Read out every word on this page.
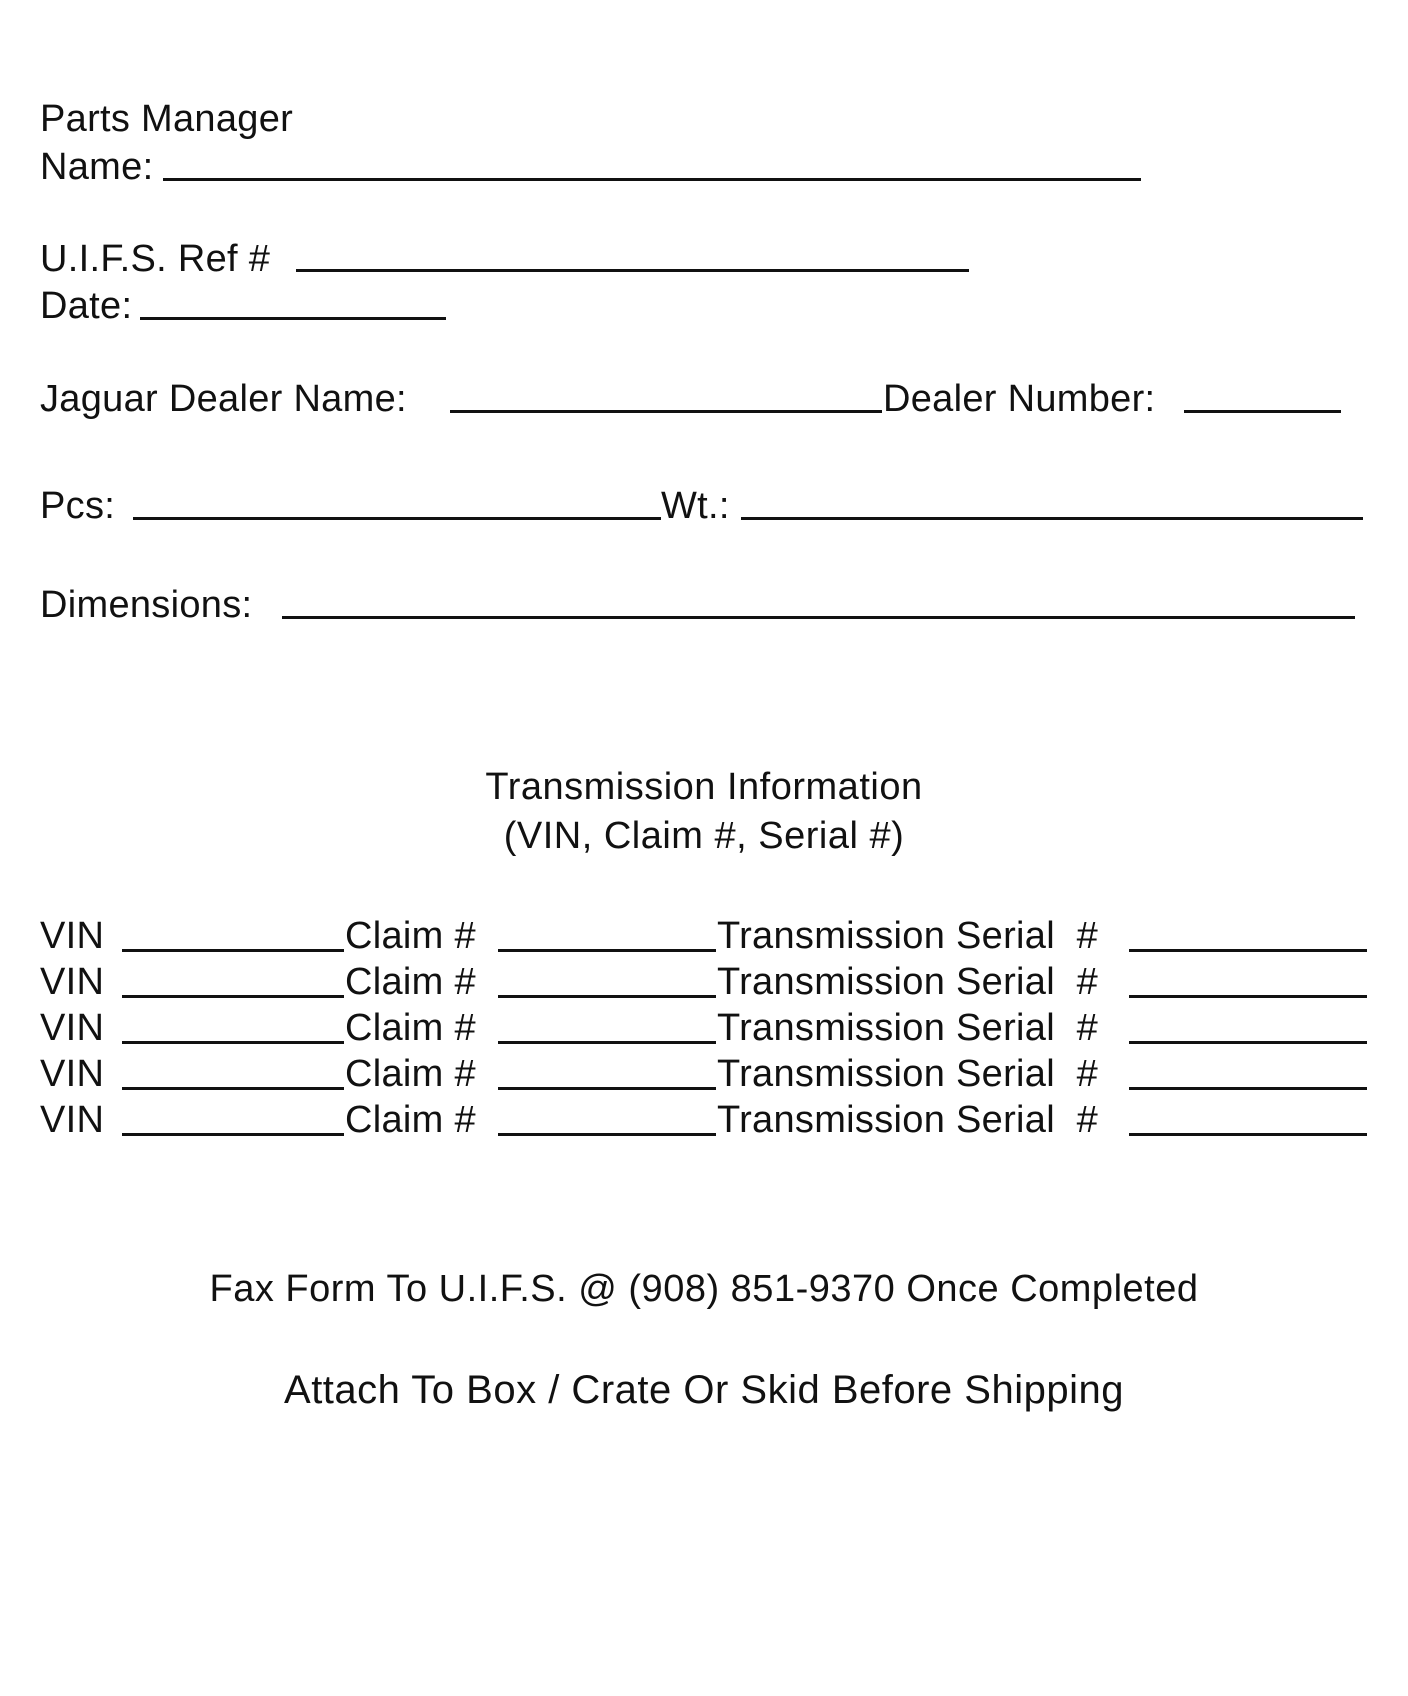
Parts Manager
Name:
U.I.F.S. Ref #
Date:
Jaguar Dealer Name:	Dealer Number:
Pcs:	Wt.:
Dimensions:
Transmission Information
(VIN, Claim #, Serial #)
VIN	Claim #	Transmission Serial  #
VIN	Claim #	Transmission Serial  #
VIN	Claim #	Transmission Serial  #
VIN	Claim #	Transmission Serial  #
VIN	Claim #	Transmission Serial  #
Fax Form To U.I.F.S. @ (908) 851-9370 Once Completed
Attach To Box / Crate Or Skid Before Shipping
